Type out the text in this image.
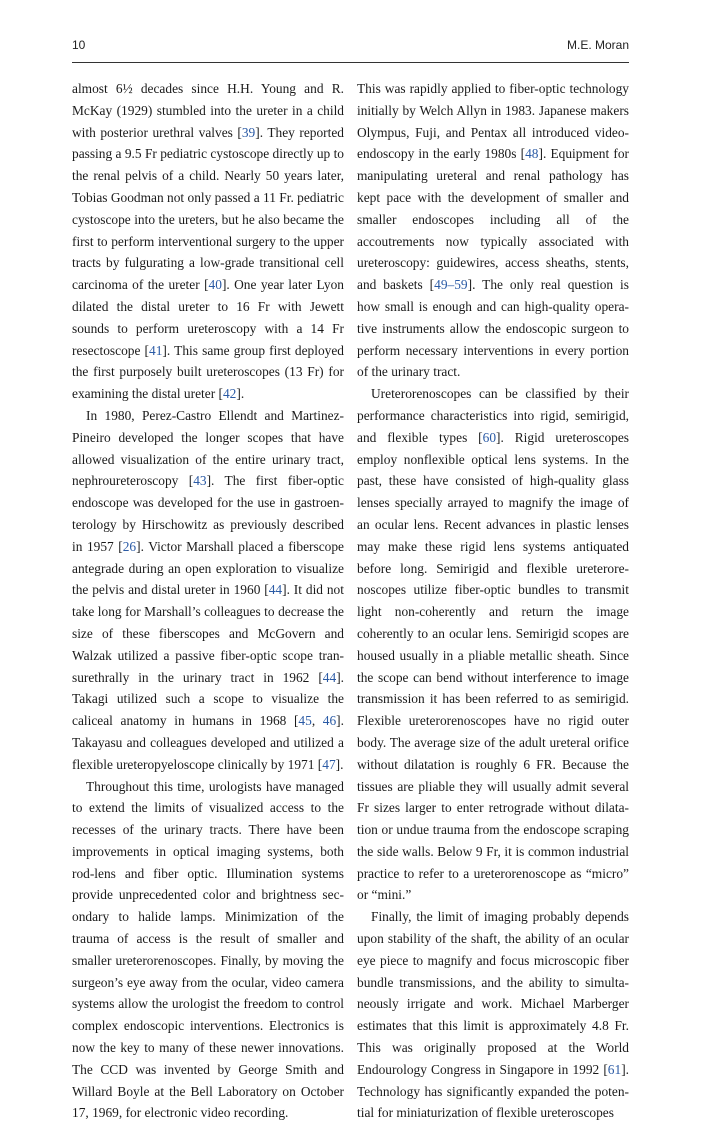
10	M.E. Moran

almost 6½ decades since H.H. Young and R. McKay (1929) stumbled into the ureter in a child with posterior urethral valves [39]. They reported passing a 9.5 Fr pediatric cystoscope directly up to the renal pelvis of a child. Nearly 50 years later, Tobias Goodman not only passed a 11 Fr. pediatric cystoscope into the ureters, but he also became the first to perform interventional surgery to the upper tracts by fulgurating a low-grade transitional cell carcinoma of the ureter [40]. One year later Lyon dilated the distal ureter to 16 Fr with Jewett sounds to perform ureteroscopy with a 14 Fr resectoscope [41]. This same group first deployed the first purposely built ureteroscopes (13 Fr) for examining the distal ureter [42].

In 1980, Perez-Castro Ellendt and Martinez-Pineiro developed the longer scopes that have allowed visualization of the entire urinary tract, nephroureteroscopy [43]. The first fiber-optic endoscope was developed for the use in gastroenterology by Hirschowitz as previously described in 1957 [26]. Victor Marshall placed a fiberscope antegrade during an open exploration to visualize the pelvis and distal ureter in 1960 [44]. It did not take long for Marshall’s colleagues to decrease the size of these fiberscopes and McGovern and Walzak utilized a passive fiber-optic scope transurethrally in the urinary tract in 1962 [44]. Takagi utilized such a scope to visualize the caliceal anatomy in humans in 1968 [45, 46]. Takayasu and colleagues developed and utilized a flexible ureteropyeloscope clinically by 1971 [47].

Throughout this time, urologists have managed to extend the limits of visualized access to the recesses of the urinary tracts. There have been improvements in optical imaging systems, both rod-lens and fiber optic. Illumination systems provide unprecedented color and brightness secondary to halide lamps. Minimization of the trauma of access is the result of smaller and smaller ureterorenoscopes. Finally, by moving the surgeon’s eye away from the ocular, video camera systems allow the urologist the freedom to control complex endoscopic interventions. Electronics is now the key to many of these newer innovations. The CCD was invented by George Smith and Willard Boyle at the Bell Laboratory on October 17, 1969, for electronic video recording.

This was rapidly applied to fiber-optic technology initially by Welch Allyn in 1983. Japanese makers Olympus, Fuji, and Pentax all introduced video-endoscopy in the early 1980s [48]. Equipment for manipulating ureteral and renal pathology has kept pace with the development of smaller and smaller endoscopes including all of the accoutrements now typically associated with ureteroscopy: guidewires, access sheaths, stents, and baskets [49–59]. The only real question is how small is enough and can high-quality operative instruments allow the endoscopic surgeon to perform necessary interventions in every portion of the urinary tract.

Ureterorenoscopes can be classified by their performance characteristics into rigid, semirigid, and flexible types [60]. Rigid ureteroscopes employ nonflexible optical lens systems. In the past, these have consisted of high-quality glass lenses specially arrayed to magnify the image of an ocular lens. Recent advances in plastic lenses may make these rigid lens systems antiquated before long. Semirigid and flexible ureterorenoscopes utilize fiber-optic bundles to transmit light non-coherently and return the image coherently to an ocular lens. Semirigid scopes are housed usually in a pliable metallic sheath. Since the scope can bend without interference to image transmission it has been referred to as semirigid. Flexible ureterorenoscopes have no rigid outer body. The average size of the adult ureteral orifice without dilatation is roughly 6 FR. Because the tissues are pliable they will usually admit several Fr sizes larger to enter retrograde without dilatation or undue trauma from the endoscope scraping the side walls. Below 9 Fr, it is common industrial practice to refer to a ureterorenoscope as “micro” or “mini.”

Finally, the limit of imaging probably depends upon stability of the shaft, the ability of an ocular eye piece to magnify and focus microscopic fiber bundle transmissions, and the ability to simultaneously irrigate and work. Michael Marberger estimates that this limit is approximately 4.8 Fr. This was originally proposed at the World Endourology Congress in Singapore in 1992 [61]. Technology has significantly expanded the potential for miniaturization of flexible ureteroscopes
